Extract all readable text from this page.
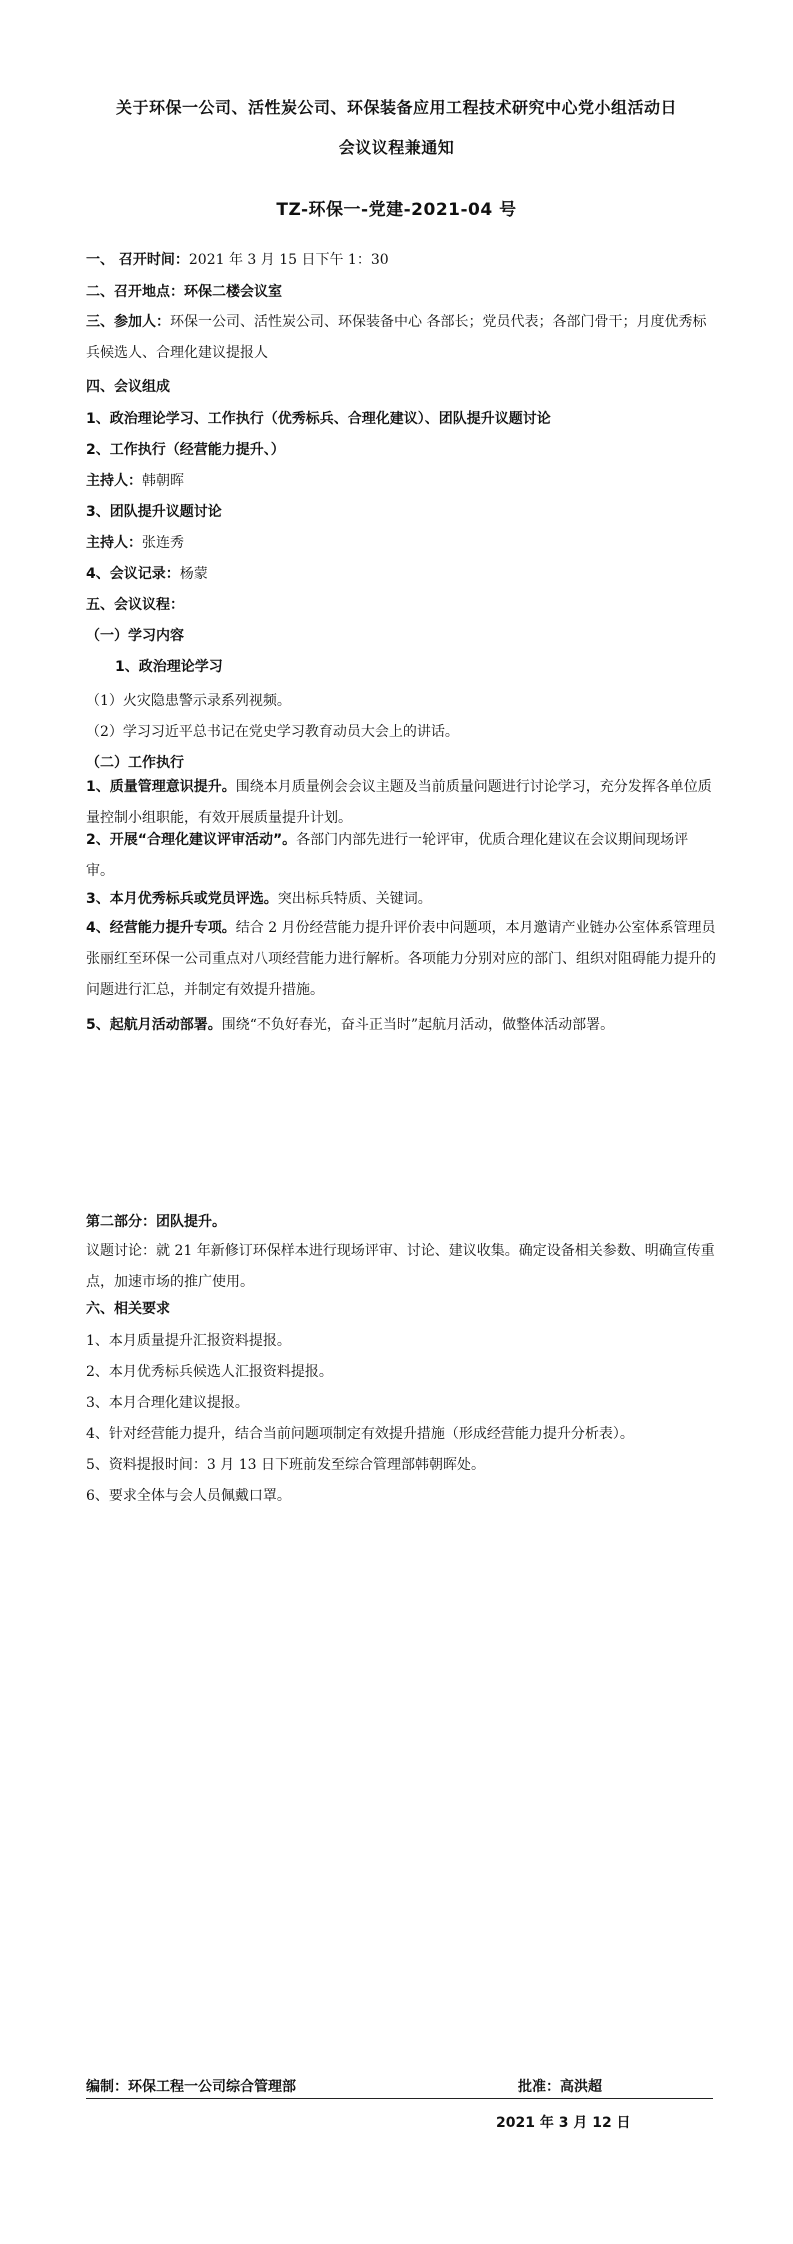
关于环保一公司、活性炭公司、环保装备应用工程技术研究中心党小组活动日
会议议程兼通知
TZ-环保一-党建-2021-04 号
一、 召开时间：2021 年 3 月 15 日下午 1：30
二、召开地点：环保二楼会议室
三、参加人：环保一公司、活性炭公司、环保装备中心 各部长；党员代表；各部门骨干；月度优秀标兵候选人、合理化建议提报人
四、会议组成
1、政治理论学习、工作执行（优秀标兵、合理化建议）、团队提升议题讨论
2、工作执行（经营能力提升、）
主持人：韩朝晖
3、团队提升议题讨论
主持人：张连秀
4、会议记录：杨蒙
五、会议议程：
（一）学习内容
1、政治理论学习
（1）火灾隐患警示录系列视频。
（2）学习习近平总书记在党史学习教育动员大会上的讲话。
（二）工作执行
1、质量管理意识提升。围绕本月质量例会会议主题及当前质量问题进行讨论学习，充分发挥各单位质量控制小组职能，有效开展质量提升计划。
2、开展“合理化建议评审活动”。各部门内部先进行一轮评审，优质合理化建议在会议期间现场评审。
3、本月优秀标兵或党员评选。突出标兵特质、关键词。
4、经营能力提升专项。结合 2 月份经营能力提升评价表中问题项，本月邀请产业链办公室体系管理员张丽红至环保一公司重点对八项经营能力进行解析。各项能力分别对应的部门、组织对阻碍能力提升的问题进行汇总，并制定有效提升措施。
5、起航月活动部署。围绕“不负好春光，奋斗正当时”起航月活动，做整体活动部署。
第二部分：团队提升。
议题讨论：就 21 年新修订环保样本进行现场评审、讨论、建议收集。确定设备相关参数、明确宣传重点，加速市场的推广使用。
六、相关要求
1、本月质量提升汇报资料提报。
2、本月优秀标兵候选人汇报资料提报。
3、本月合理化建议提报。
4、针对经营能力提升，结合当前问题项制定有效提升措施（形成经营能力提升分析表）。
5、资料提报时间：3 月 13 日下班前发至综合管理部韩朝晖处。
6、要求全体与会人员佩戴口罩。
编制：环保工程一公司综合管理部	批准：高洪超
2021 年 3 月 12 日
